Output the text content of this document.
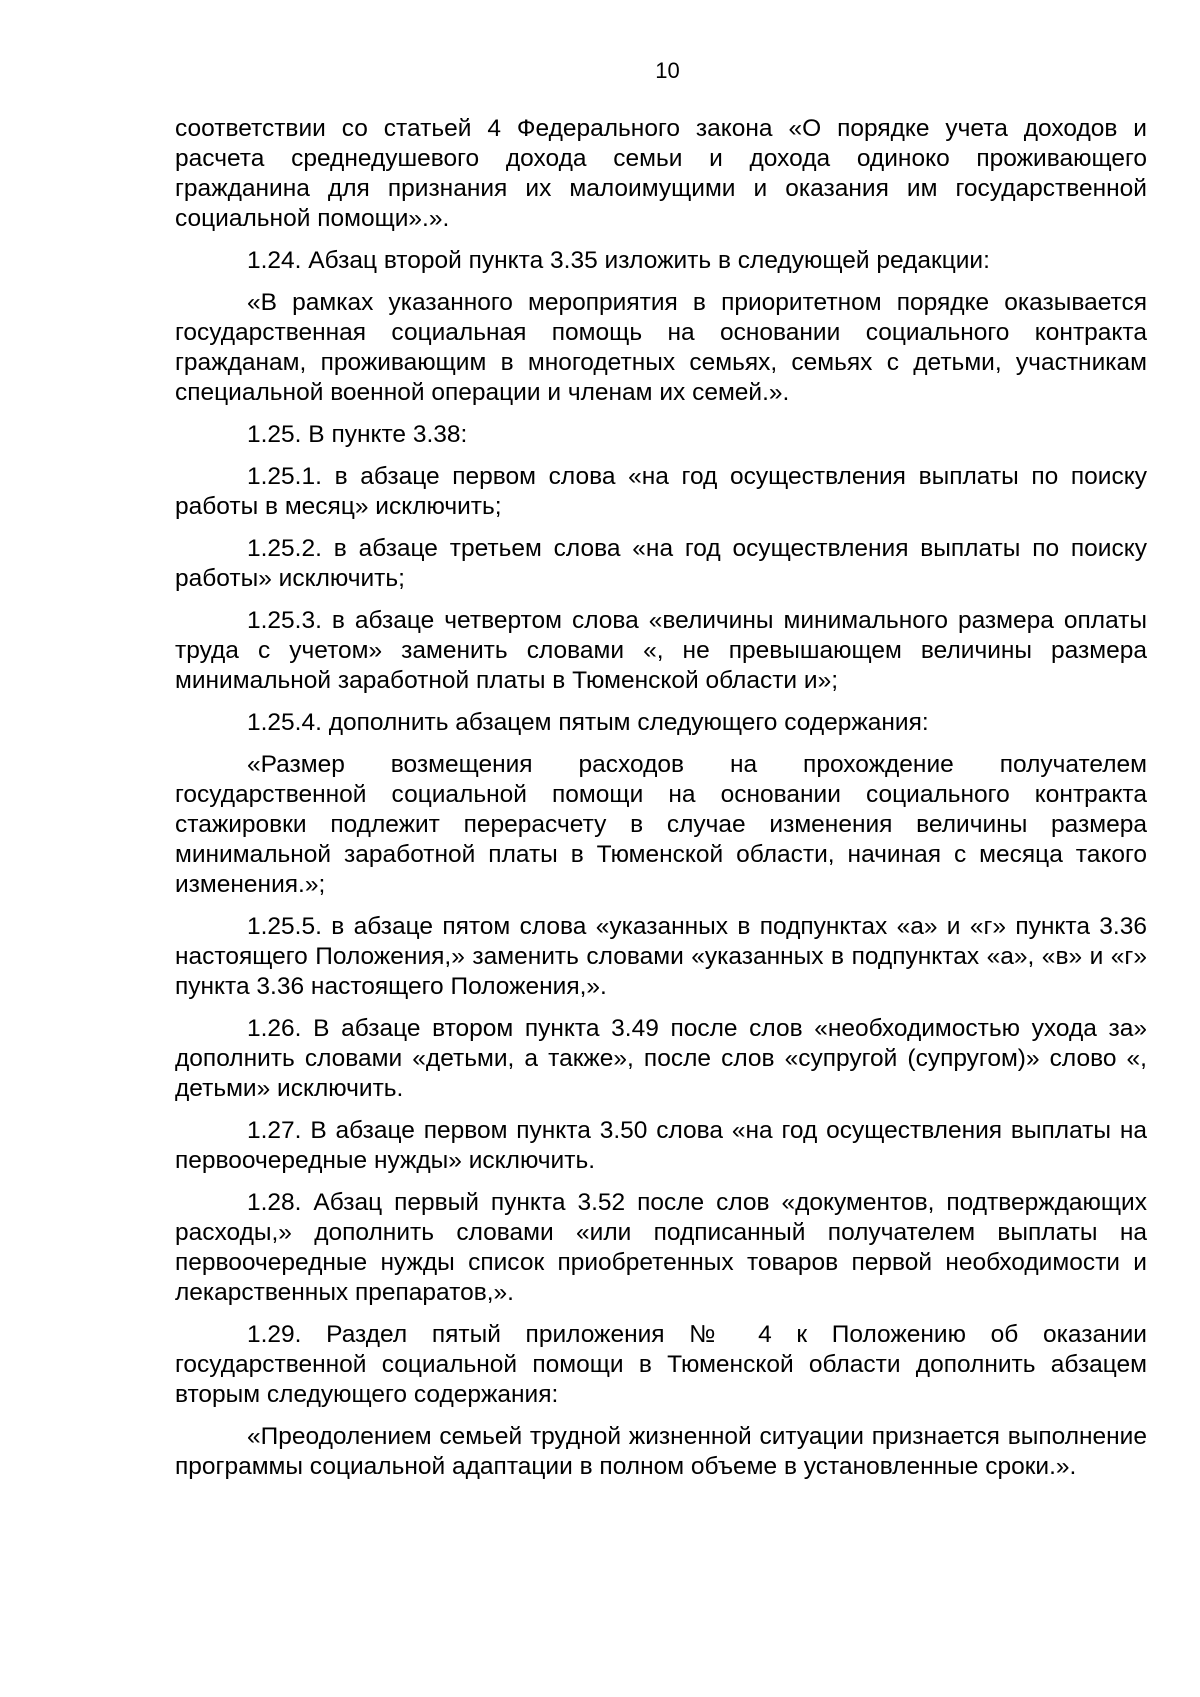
10

соответствии со статьей 4 Федерального закона «О порядке учета доходов и расчета среднедушевого дохода семьи и дохода одиноко проживающего гражданина для признания их малоимущими и оказания им государственной социальной помощи».».

1.24. Абзац второй пункта 3.35 изложить в следующей редакции:

«В рамках указанного мероприятия в приоритетном порядке оказывается государственная социальная помощь на основании социального контракта гражданам, проживающим в многодетных семьях, семьях с детьми, участникам специальной военной операции и членам их семей.».

1.25. В пункте 3.38:

1.25.1. в абзаце первом слова «на год осуществления выплаты по поиску работы в месяц» исключить;

1.25.2. в абзаце третьем слова «на год осуществления выплаты по поиску работы» исключить;

1.25.3. в абзаце четвертом слова «величины минимального размера оплаты труда с учетом» заменить словами «, не превышающем величины размера минимальной заработной платы в Тюменской области и»;

1.25.4. дополнить абзацем пятым следующего содержания:

«Размер возмещения расходов на прохождение получателем государственной социальной помощи на основании социального контракта стажировки подлежит перерасчету в случае изменения величины размера минимальной заработной платы в Тюменской области, начиная с месяца такого изменения.»;

1.25.5. в абзаце пятом слова «указанных в подпунктах «а» и «г» пункта 3.36 настоящего Положения,» заменить словами «указанных в подпунктах «а», «в» и «г» пункта 3.36 настоящего Положения,».

1.26. В абзаце втором пункта 3.49 после слов «необходимостью ухода за» дополнить словами «детьми, а также», после слов «супругой (супругом)» слово «, детьми» исключить.

1.27. В абзаце первом пункта 3.50 слова «на год осуществления выплаты на первоочередные нужды» исключить.

1.28. Абзац первый пункта 3.52 после слов «документов, подтверждающих расходы,» дополнить словами «или подписанный получателем выплаты на первоочередные нужды список приобретенных товаров первой необходимости и лекарственных препаратов,».

1.29. Раздел пятый приложения № 4 к Положению об оказании государственной социальной помощи в Тюменской области дополнить абзацем вторым следующего содержания:

«Преодолением семьей трудной жизненной ситуации признается выполнение программы социальной адаптации в полном объеме в установленные сроки.».
